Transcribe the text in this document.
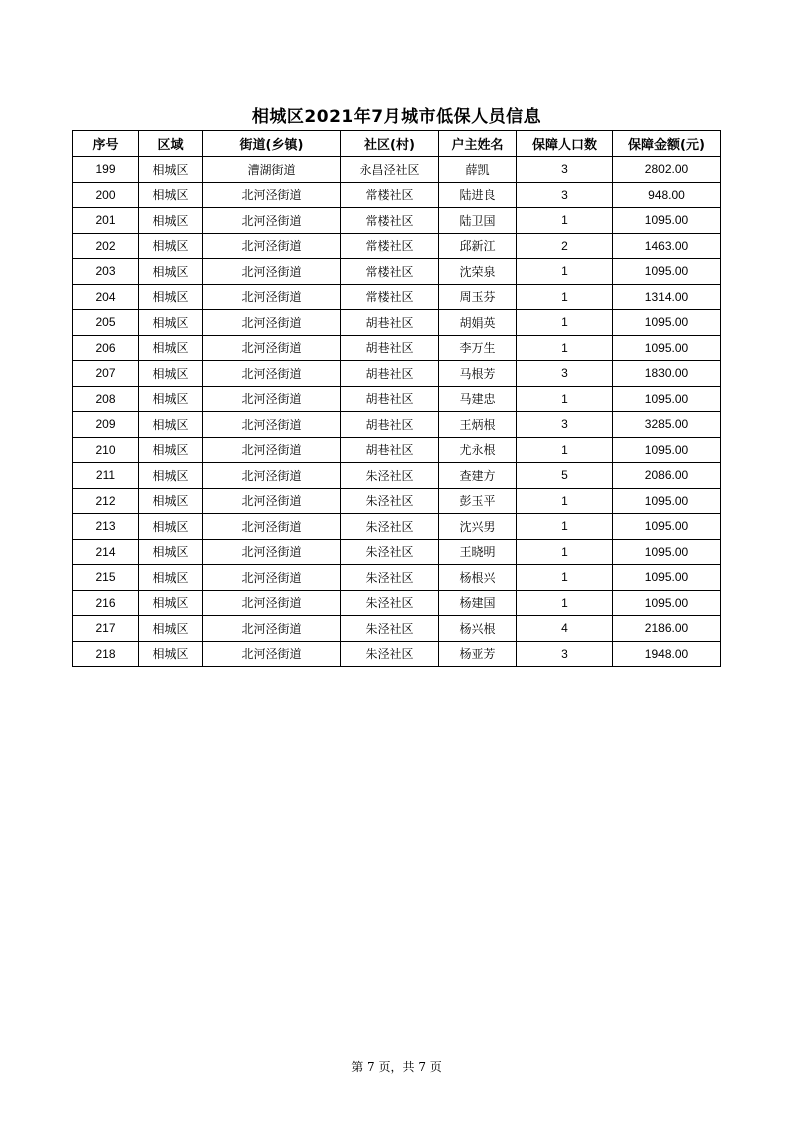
相城区2021年7月城市低保人员信息
序号	区域	街道(乡镇)	社区(村)	户主姓名	保障人口数	保障金额(元)
199	相城区	漕湖街道	永昌泾社区	薛凯	3	2802.00
200	相城区	北河泾街道	常楼社区	陆进良	3	948.00
201	相城区	北河泾街道	常楼社区	陆卫国	1	1095.00
202	相城区	北河泾街道	常楼社区	邱新江	2	1463.00
203	相城区	北河泾街道	常楼社区	沈荣泉	1	1095.00
204	相城区	北河泾街道	常楼社区	周玉芬	1	1314.00
205	相城区	北河泾街道	胡巷社区	胡娟英	1	1095.00
206	相城区	北河泾街道	胡巷社区	李万生	1	1095.00
207	相城区	北河泾街道	胡巷社区	马根芳	3	1830.00
208	相城区	北河泾街道	胡巷社区	马建忠	1	1095.00
209	相城区	北河泾街道	胡巷社区	王炳根	3	3285.00
210	相城区	北河泾街道	胡巷社区	尤永根	1	1095.00
211	相城区	北河泾街道	朱泾社区	查建方	5	2086.00
212	相城区	北河泾街道	朱泾社区	彭玉平	1	1095.00
213	相城区	北河泾街道	朱泾社区	沈兴男	1	1095.00
214	相城区	北河泾街道	朱泾社区	王晓明	1	1095.00
215	相城区	北河泾街道	朱泾社区	杨根兴	1	1095.00
216	相城区	北河泾街道	朱泾社区	杨建国	1	1095.00
217	相城区	北河泾街道	朱泾社区	杨兴根	4	2186.00
218	相城区	北河泾街道	朱泾社区	杨亚芳	3	1948.00
第 7 页，共 7 页
